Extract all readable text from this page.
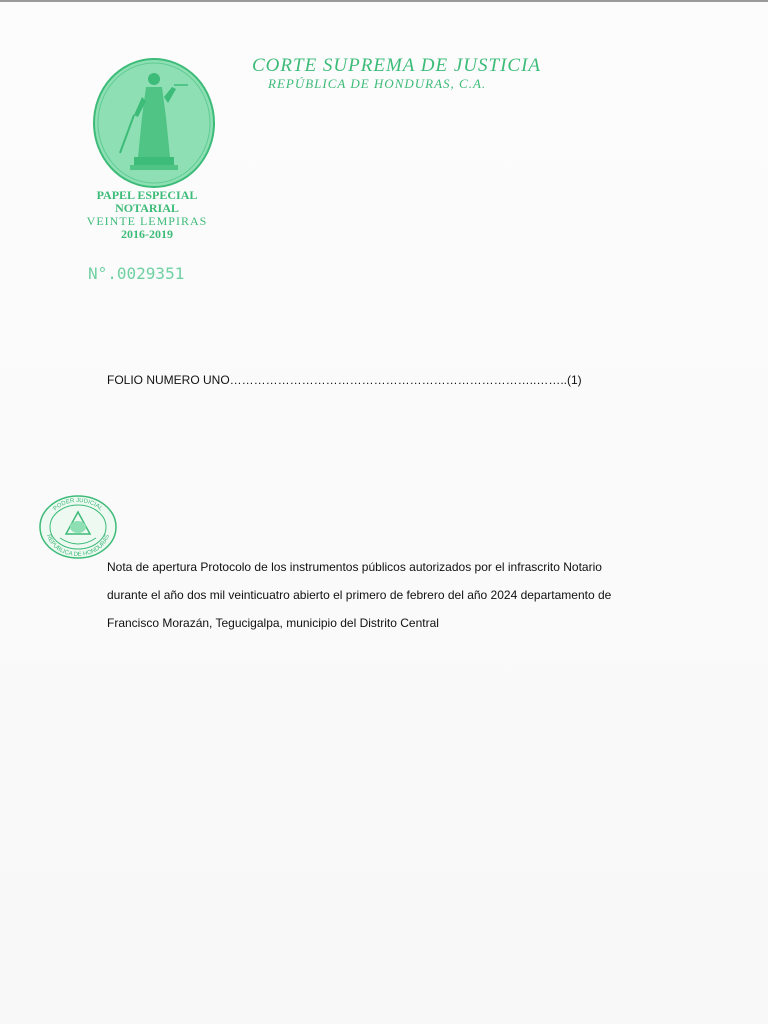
CORTE SUPREMA DE JUSTICIA
REPÚBLICA DE HONDURAS, C.A.
PAPEL ESPECIAL
NOTARIAL
VEINTE LEMPIRAS
2016-2019
N°.0029351
FOLIO NUMERO UNO…………………………………………………………………..……..(1)
PODER JUDICIAL
REPUBLICA DE HONDURAS
Nota de apertura Protocolo de los instrumentos públicos autorizados por el infrascrito Notario
durante el año dos mil veinticuatro abierto el primero de febrero del año 2024 departamento de
Francisco Morazán, Tegucigalpa, municipio del Distrito Central
